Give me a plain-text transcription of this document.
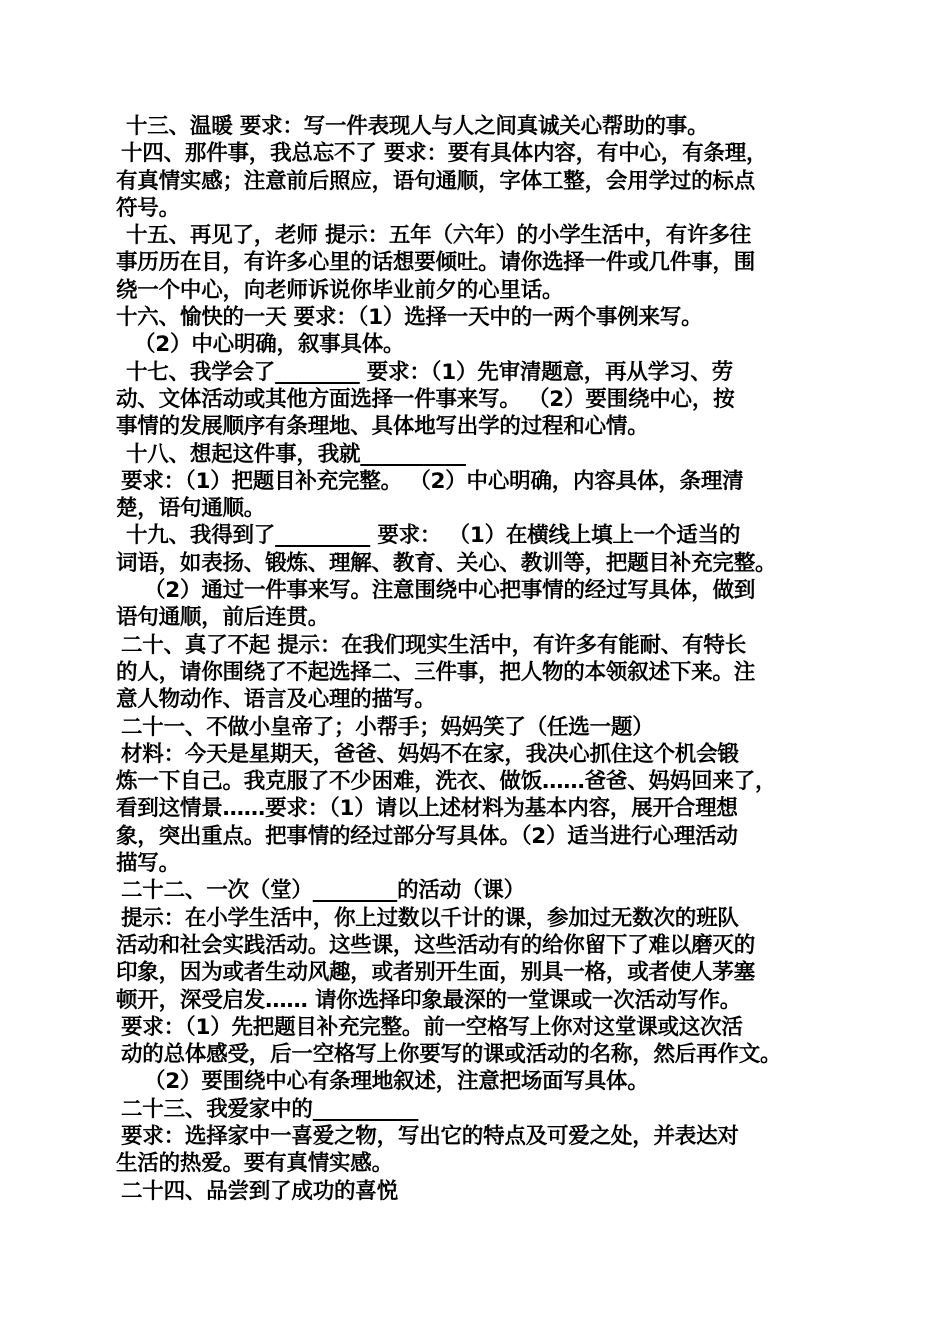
十三、温暖 要求：写一件表现人与人之间真诚关心帮助的事。
十四、那件事，我总忘不了 要求：要有具体内容，有中心，有条理，
有真情实感；注意前后照应，语句通顺，字体工整，会用学过的标点
符号。
十五、再见了，老师 提示：五年（六年）的小学生活中，有许多往
事历历在目，有许多心里的话想要倾吐。请你选择一件或几件事，围
绕一个中心，向老师诉说你毕业前夕的心里话。
十六、愉快的一天 要求：（1）选择一天中的一两个事例来写。
（2）中心明确，叙事具体。
十七、我学会了________ 要求：（1）先审清题意，再从学习、劳
动、文体活动或其他方面选择一件事来写。 （2）要围绕中心，按
事情的发展顺序有条理地、具体地写出学的过程和心情。
十八、想起这件事，我就__________
要求：（1）把题目补充完整。 （2）中心明确，内容具体，条理清
楚，语句通顺。
十九、我得到了_________ 要求： （1）在横线上填上一个适当的
词语，如表扬、锻炼、理解、教育、关心、教训等，把题目补充完整。
（2）通过一件事来写。注意围绕中心把事情的经过写具体，做到
语句通顺，前后连贯。
二十、真了不起 提示：在我们现实生活中，有许多有能耐、有特长
的人，请你围绕了不起选择二、三件事，把人物的本领叙述下来。注
意人物动作、语言及心理的描写。
二十一、不做小皇帝了；小帮手；妈妈笑了（任选一题）
材料：今天是星期天，爸爸、妈妈不在家，我决心抓住这个机会锻
炼一下自己。我克服了不少困难，洗衣、做饭……爸爸、妈妈回来了，
看到这情景……要求：（1）请以上述材料为基本内容，展开合理想
象，突出重点。把事情的经过部分写具体。（2）适当进行心理活动
描写。
二十二、一次（堂）________的活动（课）
提示：在小学生活中，你上过数以千计的课，参加过无数次的班队
活动和社会实践活动。这些课，这些活动有的给你留下了难以磨灭的
印象，因为或者生动风趣，或者别开生面，别具一格，或者使人茅塞
顿开，深受启发…… 请你选择印象最深的一堂课或一次活动写作。
要求：（1）先把题目补充完整。前一空格写上你对这堂课或这次活
动的总体感受，后一空格写上你要写的课或活动的名称，然后再作文。
（2）要围绕中心有条理地叙述，注意把场面写具体。
二十三、我爱家中的__________
要求：选择家中一喜爱之物，写出它的特点及可爱之处，并表达对
生活的热爱。要有真情实感。
二十四、品尝到了成功的喜悦
